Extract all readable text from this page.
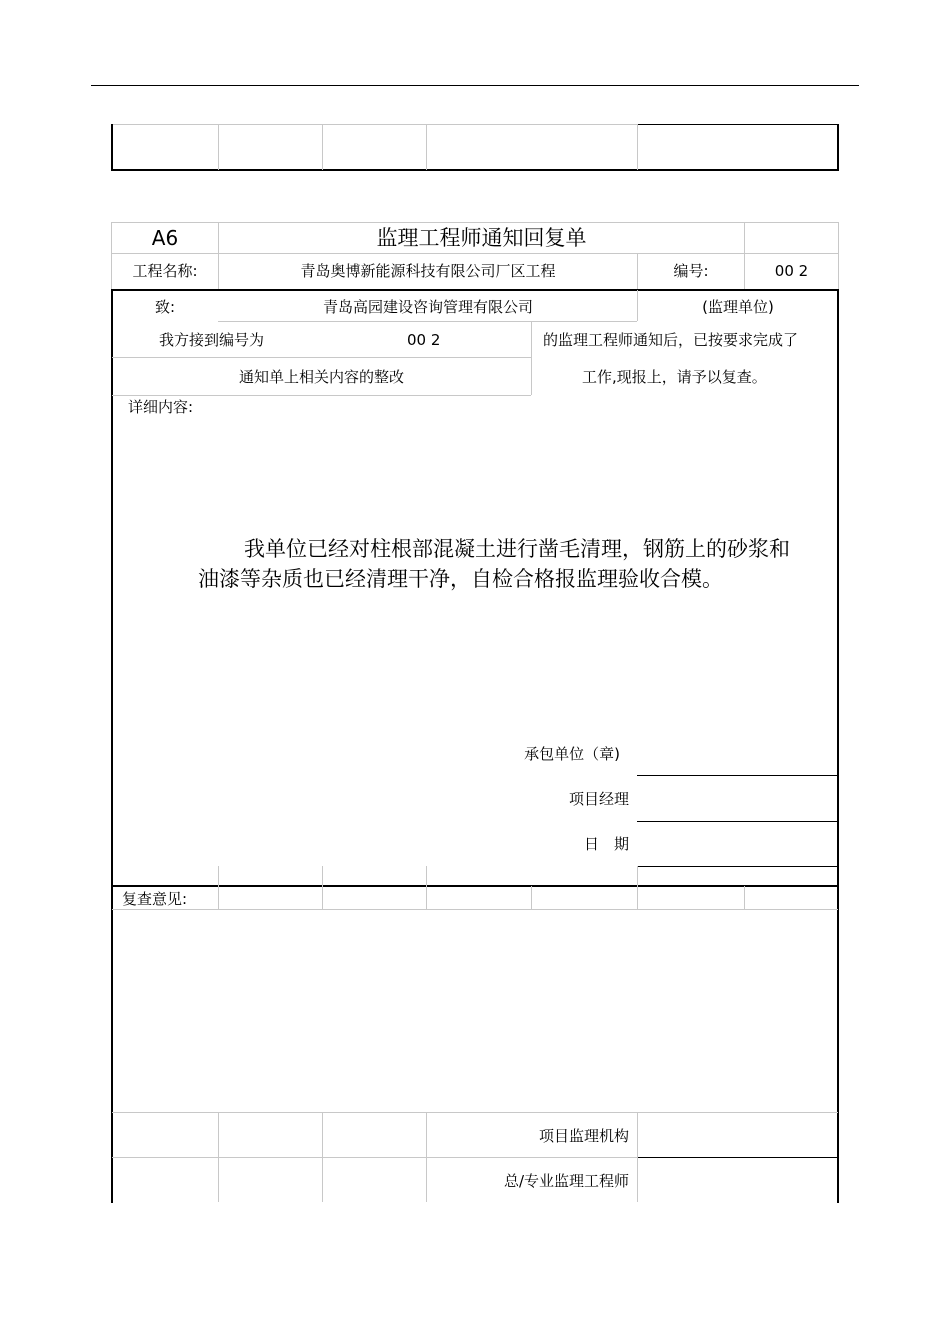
A6	监理工程师通知回复单
工程名称:	青岛奥博新能源科技有限公司厂区工程	编号:	00 2
致:	青岛高园建设咨询管理有限公司	(监理单位)
我方接到编号为	00 2	的监理工程师通知后，已按要求完成了
通知单上相关内容的整改	工作,现报上，请予以复查。
详细内容:
我单位已经对柱根部混凝土进行凿毛清理，钢筋上的砂浆和
油漆等杂质也已经清理干净，自检合格报监理验收合模。
承包单位（章)
项目经理
日　期
复查意见:
项目监理机构
总/专业监理工程师
